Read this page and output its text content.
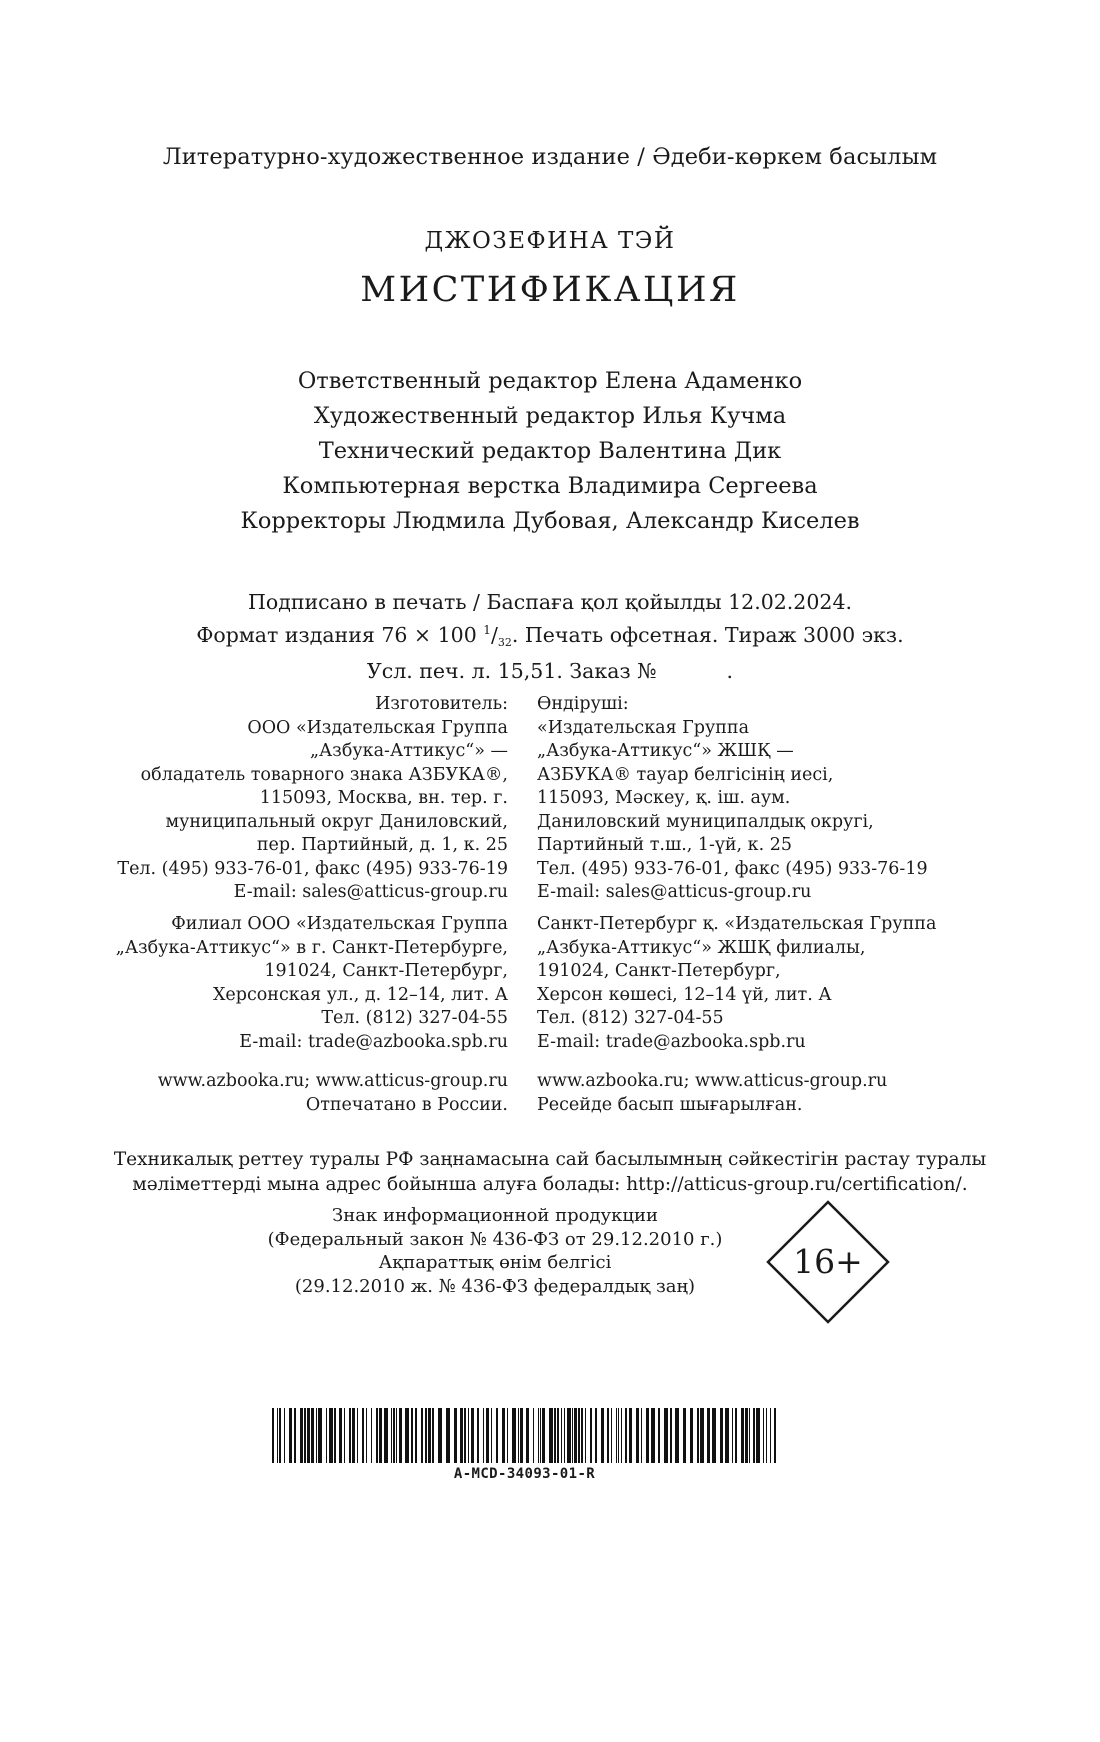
Литературно-художественное издание / Әдеби-көркем басылым
ДЖОЗЕФИНА ТЭЙ
МИСТИФИКАЦИЯ
Ответственный редактор Елена Адаменко
Художественный редактор Илья Кучма
Технический редактор Валентина Дик
Компьютерная верстка Владимира Сергеева
Корректоры Людмила Дубовая, Александр Киселев
Подписано в печать / Баспаға қол қойылды 12.02.2024.
Формат издания 76 × 100 $^1/_{32}$. Печать офсетная. Тираж 3000 экз.
Усл. печ. л. 15,51. Заказ №	.
Изготовитель:
ООО «Издательская Группа
„Азбука-Аттикус“» —
обладатель товарного знака АЗБУКА®,
115093, Москва, вн. тер. г.
муниципальный округ Даниловский,
пер. Партийный, д. 1, к. 25
Тел. (495) 933-76-01, факс (495) 933-76-19
E-mail: sales@atticus-group.ru
Өндіруші:
«Издательская Группа
„Азбука-Аттикус“» ЖШҚ —
АЗБУКА® тауар белгісінің иесі,
115093, Мәскеу, қ. іш. аум.
Даниловский муниципалдық округі,
Партийный т.ш., 1-үй, к. 25
Тел. (495) 933-76-01, факс (495) 933-76-19
E-mail: sales@atticus-group.ru
Филиал ООО «Издательская Группа
„Азбука-Аттикус“» в г. Санкт-Петербурге,
191024, Санкт-Петербург,
Херсонская ул., д. 12–14, лит. А
Тел. (812) 327-04-55
E-mail: trade@azbooka.spb.ru
Санкт-Петербург қ. «Издательская Группа
„Азбука-Аттикус“» ЖШҚ филиалы,
191024, Санкт-Петербург,
Херсон көшесі, 12–14 үй, лит. А
Тел. (812) 327-04-55
E-mail: trade@azbooka.spb.ru
www.azbooka.ru; www.atticus-group.ru
Отпечатано в России.
www.azbooka.ru; www.atticus-group.ru
Ресейде басып шығарылған.
Техникалық реттеу туралы РФ заңнамасына сай басылымның сәйкестігін растау туралы
мәліметтерді мына адрес бойынша алуға болады: http://atticus-group.ru/certification/.
Знак информационной продукции
(Федеральный закон № 436-ФЗ от 29.12.2010 г.)
Ақпараттық өнім белгісі
(29.12.2010 ж. № 436-ФЗ федералдық заң)
16+
A-MCD-34093-01-R
